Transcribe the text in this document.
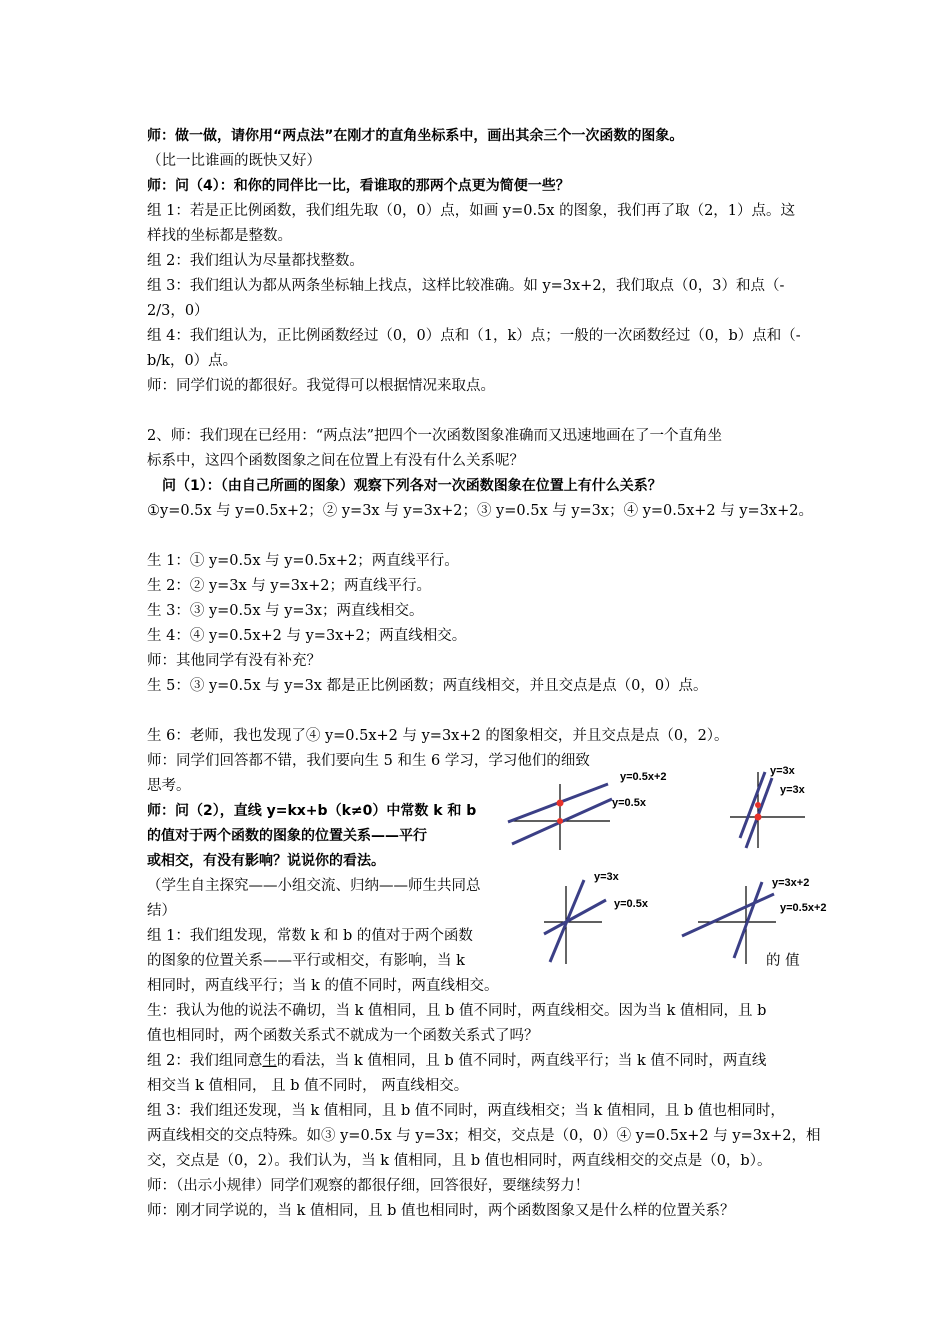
师：做一做，请你用“两点法”在刚才的直角坐标系中，画出其余三个一次函数的图象。
（比一比谁画的既快又好）
师：问（4）：和你的同伴比一比，看谁取的那两个点更为简便一些？
组 1：若是正比例函数，我们组先取（0，0）点，如画 y=0.5x 的图象，我们再了取（2，1）点。这
样找的坐标都是整数。
组 2：我们组认为尽量都找整数。
组 3：我们组认为都从两条坐标轴上找点，这样比较准确。如 y=3x+2，我们取点（0，3）和点（-
2/3，0）
组 4：我们组认为，正比例函数经过（0，0）点和（1，k）点；一般的一次函数经过（0，b）点和（-
b/k，0）点。
师：同学们说的都很好。我觉得可以根据情况来取点。
2、师：我们现在已经用：“两点法”把四个一次函数图象准确而又迅速地画在了一个直角坐
标系中，这四个函数图象之间在位置上有没有什么关系呢？
问（1）：（由自己所画的图象）观察下列各对一次函数图象在位置上有什么关系？
①y=0.5x 与 y=0.5x+2；② y=3x 与 y=3x+2；③ y=0.5x 与 y=3x；④ y=0.5x+2 与 y=3x+2。
生 1：① y=0.5x 与 y=0.5x+2；两直线平行。
生 2：② y=3x 与 y=3x+2；两直线平行。
生 3：③ y=0.5x 与 y=3x；两直线相交。
生 4：④ y=0.5x+2 与 y=3x+2；两直线相交。
师：其他同学有没有补充？
生 5：③ y=0.5x 与 y=3x 都是正比例函数；两直线相交，并且交点是点（0，0）点。
生 6：老师，我也发现了④ y=0.5x+2 与 y=3x+2 的图象相交，并且交点是点（0，2）。
师：同学们回答都不错，我们要向生 5 和生 6 学习，学习他们的细致
思考。
师：问（2），直线 y=kx+b（k≠0）中常数 k 和 b
的值对于两个函数的图象的位置关系——平行
或相交，有没有影响？说说你的看法。
（学生自主探究——小组交流、归纳——师生共同总
结）
组 1：我们组发现，常数 k 和 b 的值对于两个函数
的图象的位置关系——平行或相交，有影响，当 k	的 值
相同时，两直线平行；当 k 的值不同时，两直线相交。
生：我认为他的说法不确切，当 k 值相同，且 b 值不同时，两直线相交。因为当 k 值相同，且 b
值也相同时，两个函数关系式不就成为一个函数关系式了吗？
组 2：我们组同意生的看法，当 k 值相同，且 b 值不同时，两直线平行；当 k 值不同时，两直线
相交当 k 值相同， 且 b 值不同时， 两直线相交。
组 3：我们组还发现，当 k 值相同，且 b 值不同时，两直线相交；当 k 值相同，且 b 值也相同时，
两直线相交的交点特殊。如③ y=0.5x 与 y=3x；相交，交点是（0，0）④ y=0.5x+2 与 y=3x+2，相
交，交点是（0，2）。我们认为，当 k 值相同，且 b 值也相同时，两直线相交的交点是（0，b）。
师：（出示小规律）同学们观察的都很仔细，回答很好，要继续努力！
师：刚才同学说的，当 k 值相同，且 b 值也相同时，两个函数图象又是什么样的位置关系？
y=0.5x+2
y=0.5x
y=3x
y=3x
y=3x
y=0.5x
y=3x+2
y=0.5x+2
